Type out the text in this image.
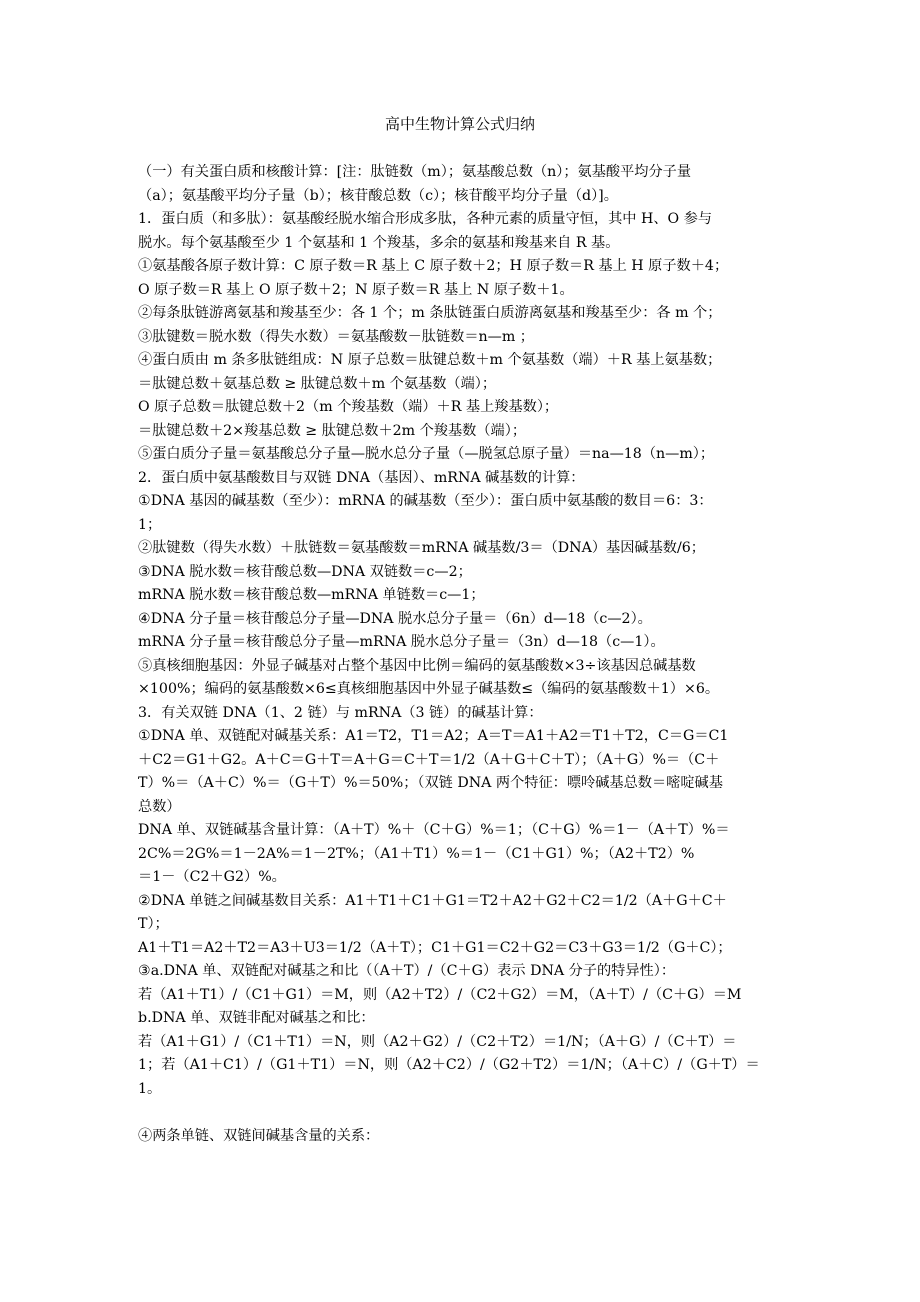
高中生物计算公式归纳
（一）有关蛋白质和核酸计算：[注：肽链数（m）；氨基酸总数（n）；氨基酸平均分子量
（a）；氨基酸平均分子量（b）；核苷酸总数（c）；核苷酸平均分子量（d）]。
1．蛋白质（和多肽）：氨基酸经脱水缩合形成多肽，各种元素的质量守恒，其中 H、O 参与
脱水。每个氨基酸至少 1 个氨基和 1 个羧基，多余的氨基和羧基来自 R 基。
①氨基酸各原子数计算：C 原子数＝R 基上 C 原子数＋2；H 原子数＝R 基上 H 原子数＋4；
O 原子数＝R 基上 O 原子数＋2；N 原子数＝R 基上 N 原子数＋1。
②每条肽链游离氨基和羧基至少：各 1 个；m 条肽链蛋白质游离氨基和羧基至少：各 m 个；
③肽键数＝脱水数（得失水数）＝氨基酸数－肽链数＝n—m ；
④蛋白质由 m 条多肽链组成：N 原子总数＝肽键总数＋m 个氨基数（端）＋R 基上氨基数；
＝肽键总数＋氨基总数 ≥ 肽键总数＋m 个氨基数（端）；
O 原子总数＝肽键总数＋2（m 个羧基数（端）＋R 基上羧基数）；
＝肽键总数＋2×羧基总数 ≥ 肽键总数＋2m 个羧基数（端）；
⑤蛋白质分子量＝氨基酸总分子量—脱水总分子量（—脱氢总原子量）＝na—18（n—m）；
2．蛋白质中氨基酸数目与双链 DNA（基因）、mRNA 碱基数的计算：
①DNA 基因的碱基数（至少）：mRNA 的碱基数（至少）：蛋白质中氨基酸的数目＝6：3：
1；
②肽键数（得失水数）＋肽链数＝氨基酸数＝mRNA 碱基数/3＝（DNA）基因碱基数/6；
③DNA 脱水数＝核苷酸总数—DNA 双链数＝c—2；
mRNA 脱水数＝核苷酸总数—mRNA 单链数＝c—1；
④DNA 分子量＝核苷酸总分子量—DNA 脱水总分子量＝（6n）d—18（c—2）。
mRNA 分子量＝核苷酸总分子量—mRNA 脱水总分子量＝（3n）d—18（c—1）。
⑤真核细胞基因：外显子碱基对占整个基因中比例＝编码的氨基酸数×3÷该基因总碱基数
×100%；编码的氨基酸数×6≤真核细胞基因中外显子碱基数≤（编码的氨基酸数＋1）×6。
3．有关双链 DNA（1、2 链）与 mRNA（3 链）的碱基计算：
①DNA 单、双链配对碱基关系：A1＝T2，T1＝A2；A＝T＝A1＋A2＝T1＋T2，C＝G＝C1
＋C2＝G1＋G2。A＋C＝G＋T＝A＋G＝C＋T＝1/2（A＋G＋C＋T）；（A＋G）%＝（C＋
T）%＝（A＋C）%＝（G＋T）%＝50%；（双链 DNA 两个特征：嘌呤碱基总数＝嘧啶碱基
总数）
DNA 单、双链碱基含量计算：（A＋T）%＋（C＋G）%＝1；（C＋G）%＝1－（A＋T）%＝
2C%＝2G%＝1－2A%＝1－2T%；（A1＋T1）%＝1－（C1＋G1）%；（A2＋T2）%
＝1－（C2＋G2）%。
②DNA 单链之间碱基数目关系：A1＋T1＋C1＋G1＝T2＋A2＋G2＋C2＝1/2（A＋G＋C＋
T）；
A1＋T1＝A2＋T2＝A3＋U3＝1/2（A＋T）；C1＋G1＝C2＋G2＝C3＋G3＝1/2（G＋C）；
③a.DNA 单、双链配对碱基之和比（（A＋T）/（C＋G）表示 DNA 分子的特异性）：
若（A1＋T1）/（C1＋G1）＝M，则（A2＋T2）/（C2＋G2）＝M，（A＋T）/（C＋G）＝M
b.DNA 单、双链非配对碱基之和比：
若（A1＋G1）/（C1＋T1）＝N，则（A2＋G2）/（C2＋T2）＝1/N；（A＋G）/（C＋T）＝
1；若（A1＋C1）/（G1＋T1）＝N，则（A2＋C2）/（G2＋T2）＝1/N；（A＋C）/（G＋T）＝
1。
④两条单链、双链间碱基含量的关系：
